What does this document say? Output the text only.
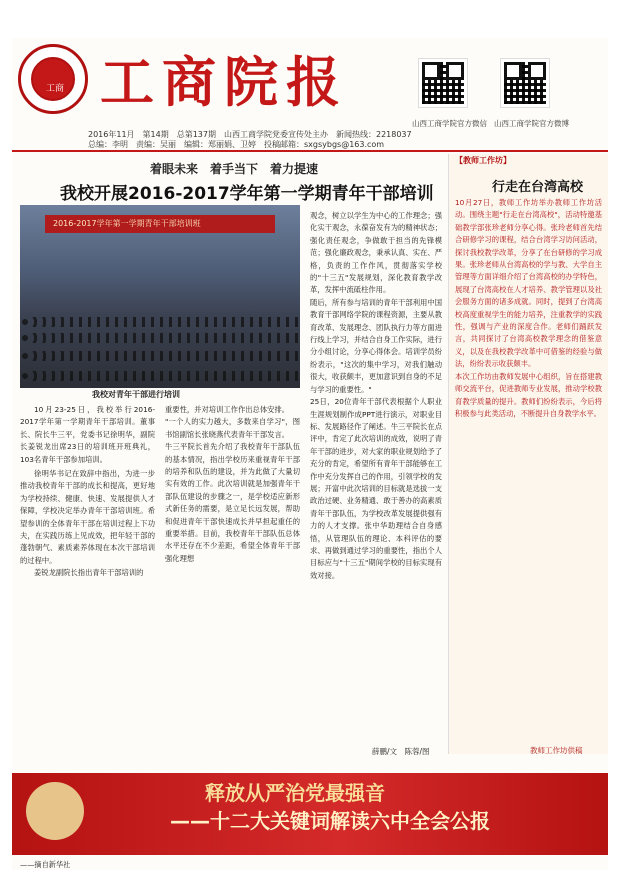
工商 工商院报
2016年11月　第14期　总第137期　山西工商学院党委宣传处主办　新闻热线：2218037
总编：李明　责编：吴丽　编辑：郑丽娟、卫婷　投稿邮箱：sxgsybgs@163.com
山西工商学院官方微信 山西工商学院官方微博
着眼未来　着手当下　着力提速
我校开展2016-2017学年第一学期青年干部培训
2016-2017学年第一学期青年干部培训班
我校对青年干部进行培训

10月23-25日，我校举行2016-2017学年第一学期青年干部培训。董事长、院长牛三平，党委书记徐明华，副院长姜锐龙出席23日的培训班开班典礼，103名青年干部参加培训。

徐明华书记在致辞中指出，为进一步推动我校青年干部的成长和提高，更好地为学校持续、健康、快速、发展提供人才保障，学校决定举办青年干部培训班。希望参训的全体青年干部在培训过程上下功夫，在实践历练上见成效，把年轻干部的蓬勃朝气、素质素养体现在本次干部培训的过程中。

姜锐龙副院长指出青年干部培训的

重要性，并对培训工作作出总体安排。
"一个人的实力越大，多数来自学习"，图书馆副馆长张晓燕代表青年干部发言。
牛三平院长首先介绍了我校青年干部队伍的基本情况，指出学校历来重视青年干部的培养和队伍的建设，并为此做了大量切实有效的工作。此次培训就是加强青年干部队伍建设的步骤之一，是学校适应新形式新任务的需要，是立足长远发展，帮助和促进青年干部快速成长并早担起重任的重要举措。目前，我校青年干部队伍总体水平还存在不少差距，希望全体青年干部强化理想
观念，树立以学生为中心的工作理念；强化实干观念，永葆奋发有为的精神状态；强化责任观念，争做敢于担当的先锋模范；强化廉政观念，秉承认真、实在、严格，负责的工作作风，贯彻落实学校的"十三五"发展规划，深化教育教学改革，发挥中流砥柱作用。
随后，所有参与培训的青年干部利用中国教育干部网络学院的课程资源，主要从教育改革、发展理念、团队执行力等方面进行线上学习，并结合自身工作实际，进行分小组讨论，分享心得体会。培训学员纷纷表示，"这次的集中学习，对我们触动很大，收获颇丰，更加意识到自身的不足与学习的重要性。"
25日，20位青年干部代表根据个人职业生涯规划制作成PPT进行演示，对职业目标、发展路径作了阐述。牛三平院长在点评中，肯定了此次培训的成效，说明了青年干部的进步，对大家的职业规划给予了充分的肯定，希望所有青年干部能够在工作中充分发挥自己的作用，引领学校的发展；开富中此次培训的目标就是选拔一支政治过硬、业务精通、敢于善办的高素质青年干部队伍，为学校改革发展提供强有力的人才支撑。张中华助理结合自身感悟，从管理队伍的理论、本科评估的要求、再做到通过学习的重要性，指出个人目标应与"十三五"期间学校的目标实现有效对接。
薛鹏/文　陈蓉/图
【教师工作坊】
行走在台湾高校
10月27日，教师工作坊举办教师工作坊活动。围绕主题"行走在台湾高校"，活动特邀基础教学部张珍老师分享心得。张玲老师首先结合研修学习的课程，结合台湾学习访问活动，探讨我校教学改革，分享了在台研修的学习成果。张珍老师从台湾高校的学与教、大学自主管理等方面详细介绍了台湾高校的办学特色，展现了台湾高校在人才培养、教学管理以及社会服务方面的诸多成就。同时，提到了台湾高校高度重视学生的能力培养，注重教学的实践性，强调与产业的深度合作。老师们踊跃发言，共同探讨了台湾高校教学理念的借鉴意义，以及在我校教学改革中可借鉴的经验与做法，纷纷表示收获颇丰。
本次工作坊由教师发展中心组织，旨在搭建教师交流平台，促进教师专业发展，推动学校教育教学质量的提升。教师们纷纷表示，今后将积极参与此类活动，不断提升自身教学水平。
教师工作坊供稿
释放从严治党最强音
——十二大关键词解读六中全会公报
——摘自新华社
